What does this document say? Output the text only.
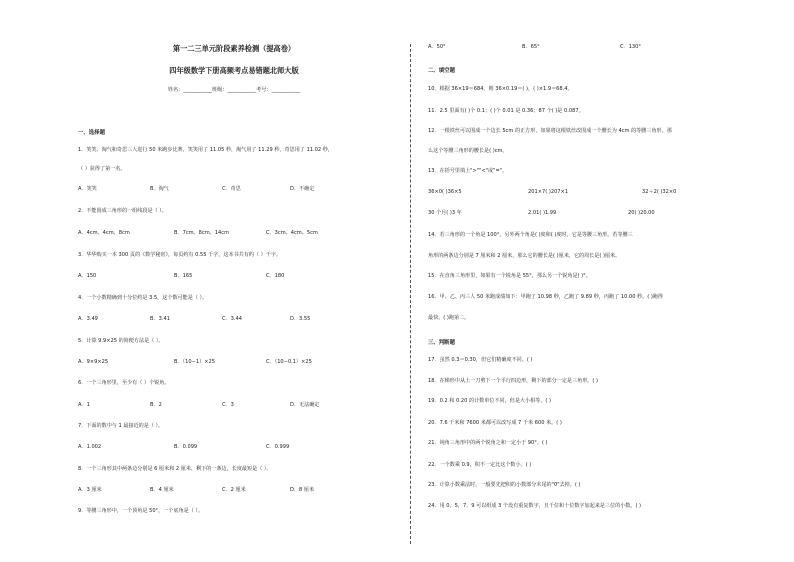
第一二三单元阶段素养检测（提高卷）
四年级数学下册高频考点易错题北师大版
姓名：___________班级：___________考号：___________
一、选择题
1．笑笑、淘气和奇思三人进行 50 米跑步比赛，笑笑用了 11.05 秒，淘气用了 11.29 秒，奇思用了 11.02 秒，
（ ）获得了第一名。
A．笑笑	B．淘气	C．奇思	D．不确定
2．不能围成三角形的一组线段是（ ）。
A．4cm、4cm、8cm	B．7cm、8cm、14cm	C．3cm、4cm、5cm
3．华华购买一本 300 页的《数学秘密》，每页约有 0.55 千字，这本书共有约（ ）千字。
A．150	B．165	C．180
4．一个小数精确到十分位约是 3.5，这个数可能是（ ）。
A．3.49	B．3.41	C．3.44	D．3.55
5．计算 9.9×25 的简便方法是（ ）。
A．9×9×25	B．（10−1）×25	C．（10−0.1）×25
6．一个三角形里，至少有（ ）个锐角。
A．1	B．2	C．3	D．无法确定
7．下面的数中与 1 最接近的是（ ）。
A．1.002	B．0.099	C．0.999
8．一个三角形其中两条边分别是 6 厘米和 2 厘米，剩下的一条边，长度最短是（ ）。
A．3 厘米	B．4 厘米	C．2 厘米	D．8 厘米
9．等腰三角形中，一个顶角是 50°，一个底角是（ ）。
A．50°	B．65°	C．130°
二、填空题
10．根据 36×19＝684，则 36×0.19＝( )，( )×1.9＝68.4。
11．2.5 里面有( )个 0.1；( )个 0.01 是 0.36；87 个( )是 0.087。
12．一根铁丝可以围成一个边长 5cm 的正方形，如果将这根铁丝改围成一个腰长为 4cm 的等腰三角形，那
么这个等腰三角形的腰长是( )cm。
13．在括号里填上">""<"或"="。
36×0( )36×5	201×7( )207×1	32＋2( )32×0
30 个月( )3 年	2.01( )1.99	20( )20.00
14．若三角形的一个角是 100°，另外两个角是( )度和( )度时，它是等腰三角形。若等腰三
角形的两条边分别是 7 厘米和 2 厘米，那么它的腰长是( )厘米，它的周长是( )厘米。
15．在直角三角形里，如果有一个锐角是 55°，那么另一个锐角是( )°。
16．甲、乙、丙三人 50 米跑成绩如下：甲跑了 10.98 秒，乙跑了 9.89 秒，丙跑了 10.00 秒。( )跑得
最快，( )跑第二。
三、判断题
17．虽然 0.3＝0.30，但它们精确度不同。( )
18．在梯形中从上一刀剪下一个平行四边形，剩下的部分一定是三角形。( )
19．0.2 和 0.20 的计数单位不同，但是大小相等。( )
20．7.6 千米和 7600 米都可以改写成 7 千米 600 米。( )
21．钝角三角形中的两个锐角之和一定小于 90°。( )
22．一个数乘 0.9，积不一定比这个数小。( )
23．计算小数乘法时，一般要先把积的小数部分末尾的"0"去掉。( )
24．用 0，5，7，9 可以组成 3 个没有重复数字，且千位和十位数字加起来是三位的小数。( )
